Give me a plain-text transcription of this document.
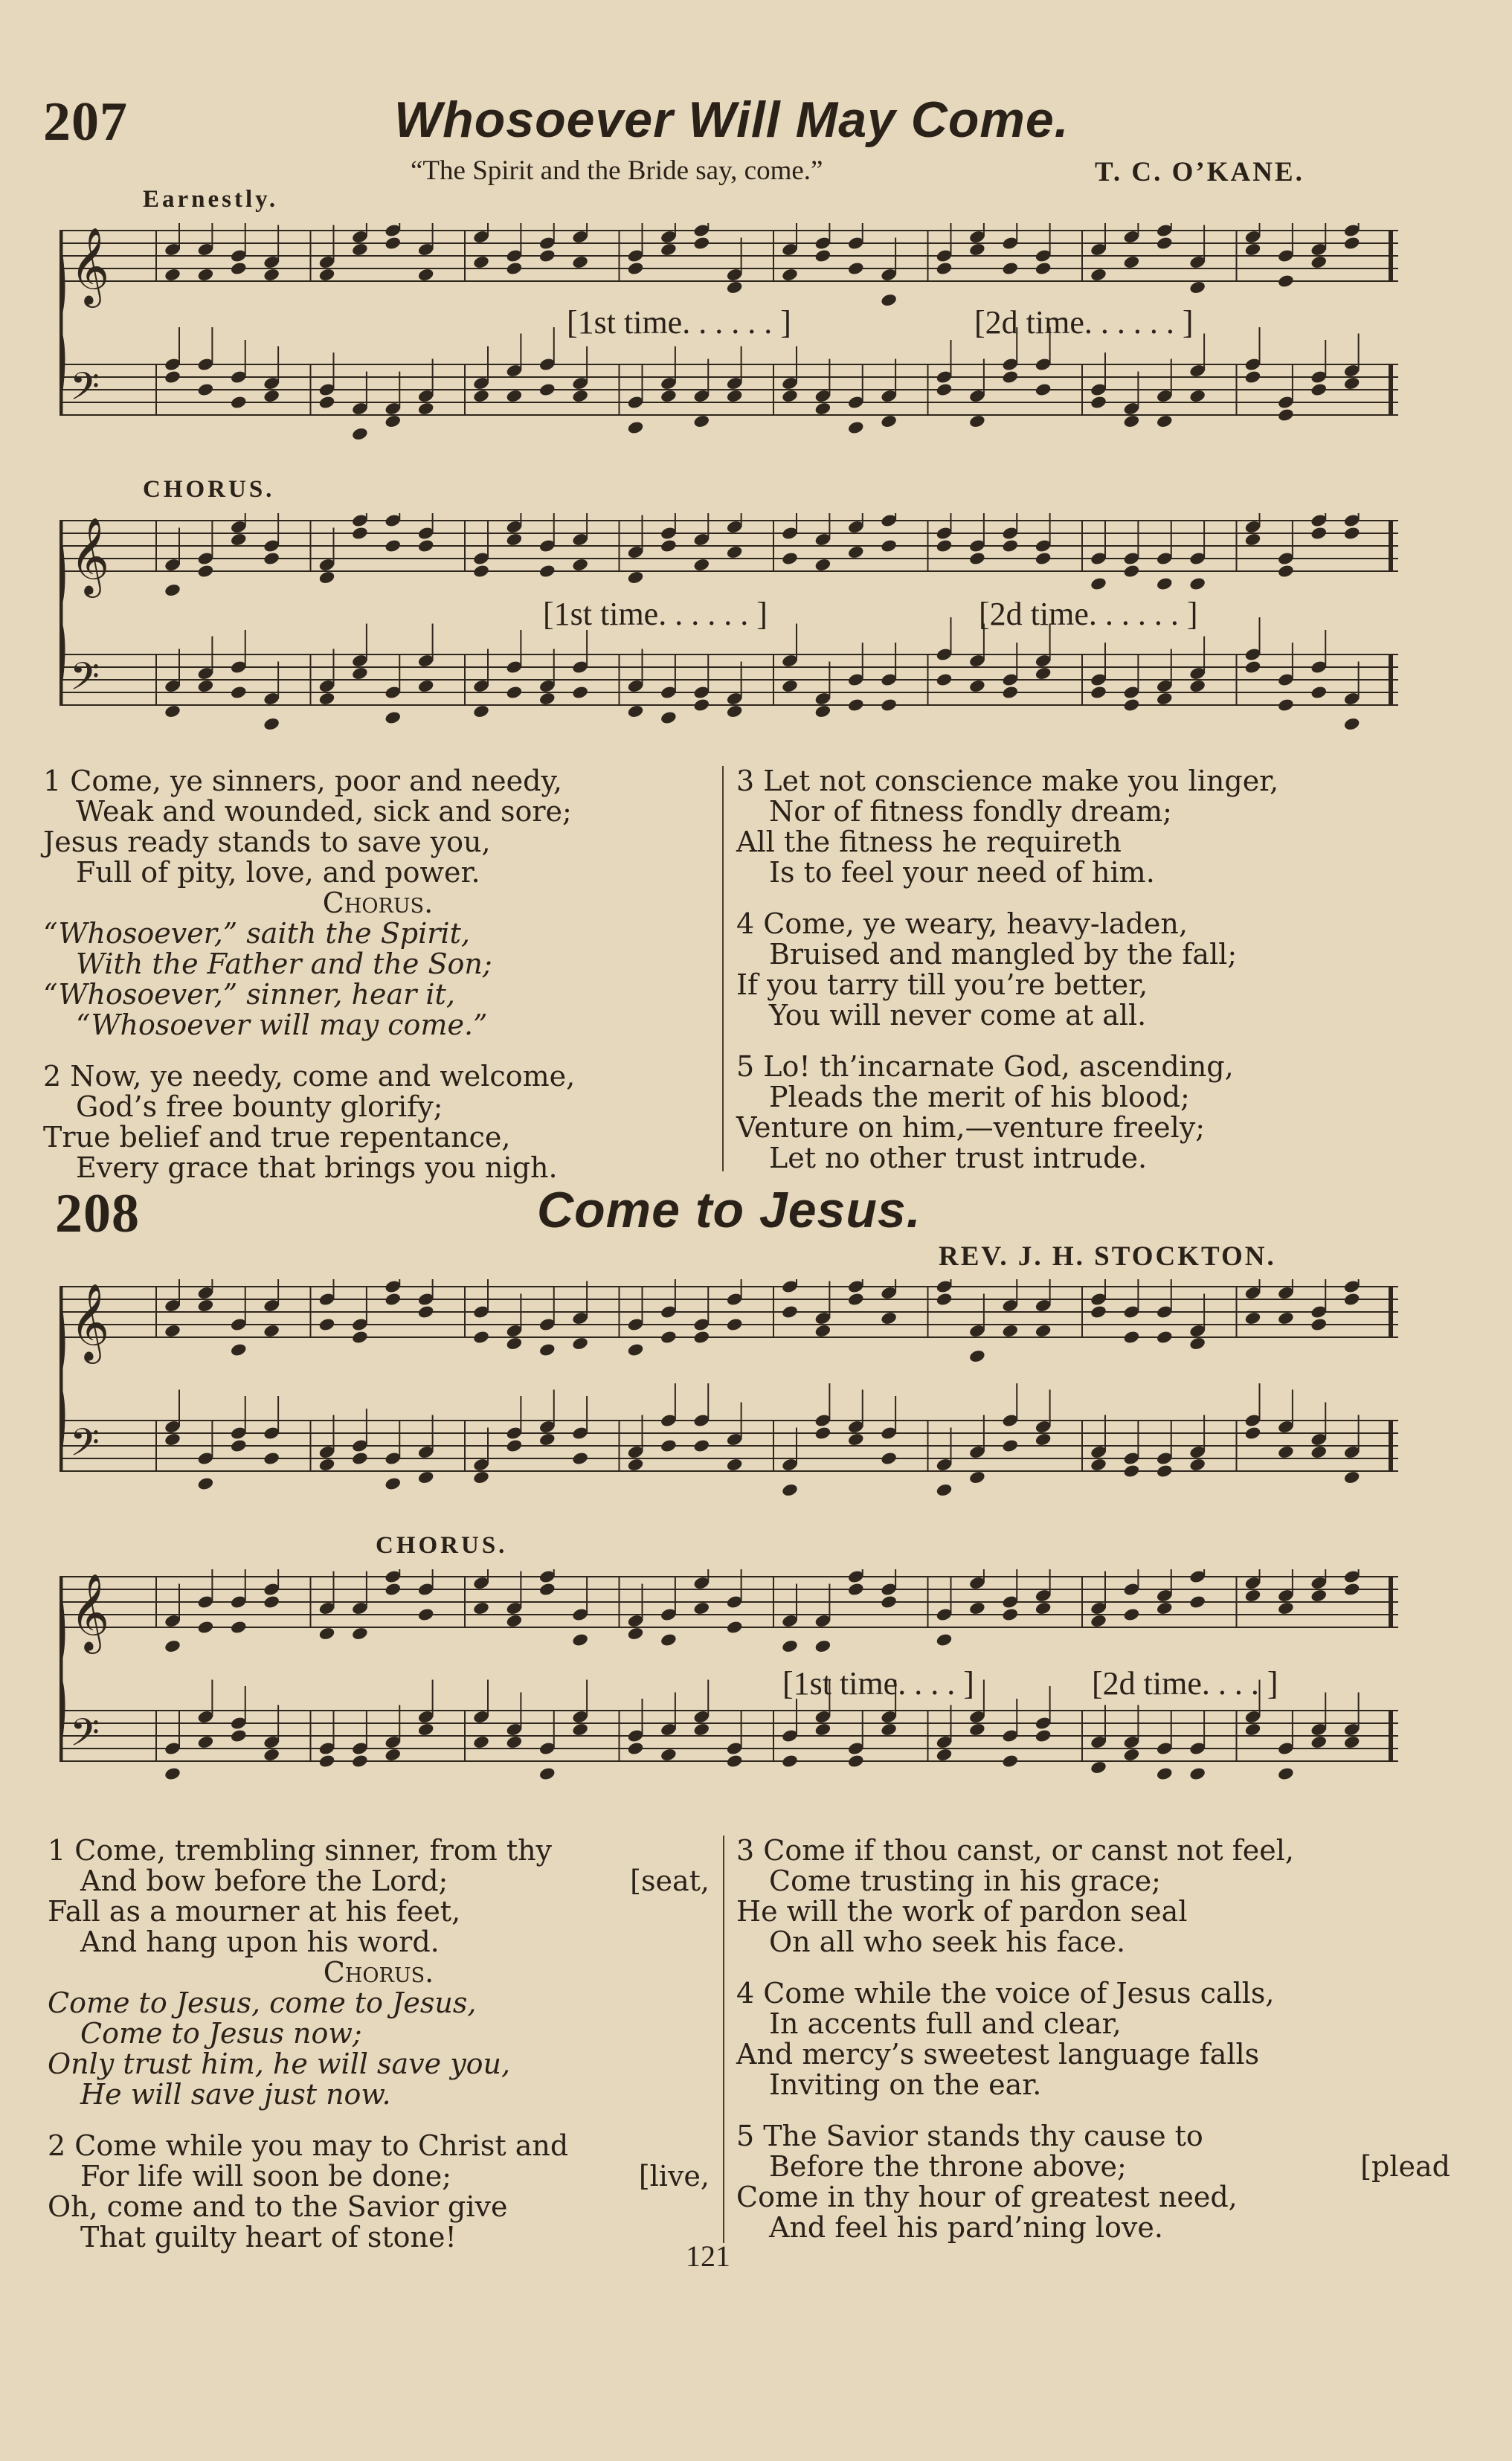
207	Whosoever Will May Come.
“The Spirit and the Bride say, come.”	T. C. O’KANE.
Earnestly.
𝄞
𝄢
[1st time. . . . . . ]	[2d time. . . . . . ]
CHORUS.
𝄞
𝄢
[1st time. . . . . . ]	[2d time. . . . . . ]
1 Come, ye sinners, poor and needy,
Weak and wounded, sick and sore;
Jesus ready stands to save you,
Full of pity, love, and power.
Chorus.
“Whosoever,” saith the Spirit,
With the Father and the Son;
“Whosoever,” sinner, hear it,
“Whosoever will may come.”
2 Now, ye needy, come and welcome,
God’s free bounty glorify;
True belief and true repentance,
Every grace that brings you nigh.
3 Let not conscience make you linger,
Nor of fitness fondly dream;
All the fitness he requireth
Is to feel your need of him.
4 Come, ye weary, heavy-laden,
Bruised and mangled by the fall;
If you tarry till you’re better,
You will never come at all.
5 Lo! th’incarnate God, ascending,
Pleads the merit of his blood;
Venture on him,—venture freely;
Let no other trust intrude.
208	Come to Jesus.
REV. J. H. STOCKTON.
𝄞
𝄢
CHORUS.
𝄞
𝄢
[1st time. . . . ]	[2d time. . . . ]
1 Come, trembling sinner, from thy
And bow before the Lord;	[seat,
Fall as a mourner at his feet,
And hang upon his word.
Chorus.
Come to Jesus, come to Jesus,
Come to Jesus now;
Only trust him, he will save you,
He will save just now.
2 Come while you may to Christ and
For life will soon be done;	[live,
Oh, come and to the Savior give
That guilty heart of stone!
3 Come if thou canst, or canst not feel,
Come trusting in his grace;
He will the work of pardon seal
On all who seek his face.
4 Come while the voice of Jesus calls,
In accents full and clear,
And mercy’s sweetest language falls
Inviting on the ear.
5 The Savior stands thy cause to
Before the throne above;	[plead
Come in thy hour of greatest need,
And feel his pard’ning love.
121
